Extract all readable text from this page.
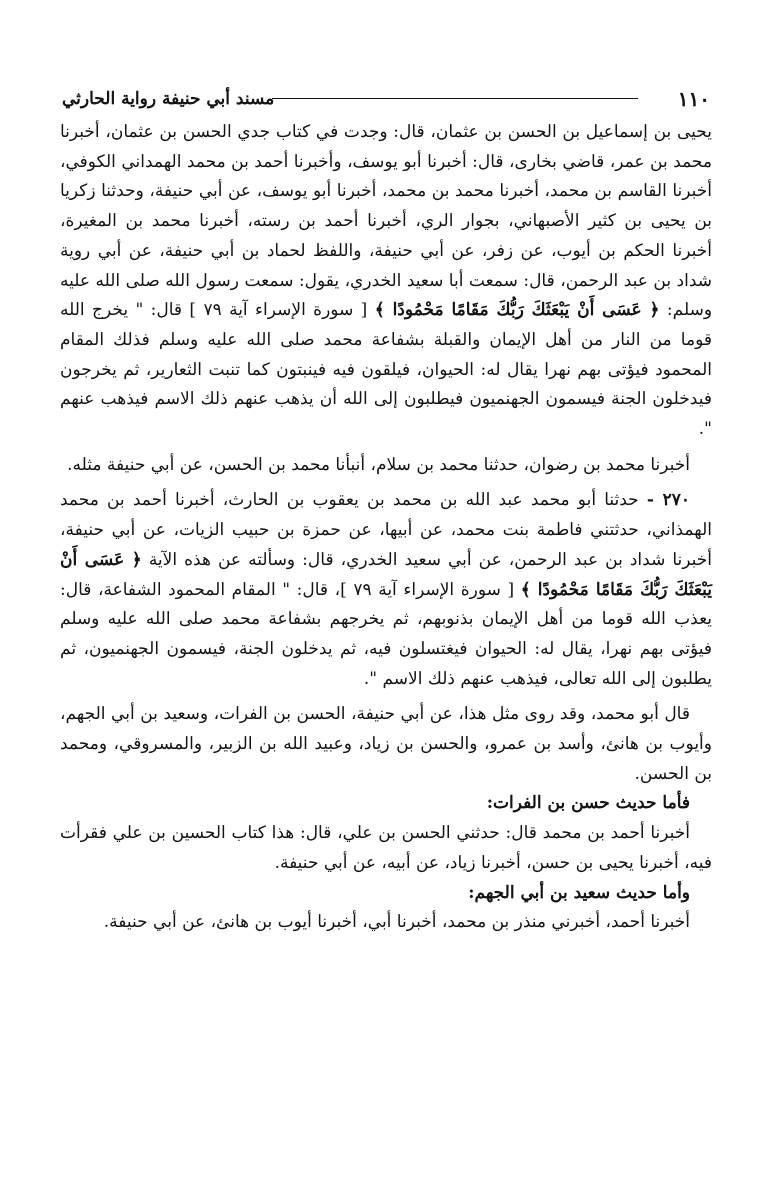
١١٠
مسند أبي حنيفة رواية الحارثي

يحيى بن إسماعيل بن الحسن بن عثمان، قال: وجدت في كتاب جدي الحسن بن عثمان، أخبرنا محمد بن عمر، قاضي بخارى، قال: أخبرنا أبو يوسف، وأخبرنا أحمد بن محمد الهمداني الكوفي، أخبرنا القاسم بن محمد، أخبرنا محمد بن محمد، أخبرنا أبو يوسف، عن أبي حنيفة، وحدثنا زكريا بن يحيى بن كثير الأصبهاني، بجوار الري، أخبرنا أحمد بن رسته، أخبرنا محمد بن المغيرة، أخبرنا الحكم بن أيوب، عن زفر، عن أبي حنيفة، واللفظ لحماد بن أبي حنيفة، عن أبي روية شداد بن عبد الرحمن، قال: سمعت أبا سعيد الخدري، يقول: سمعت رسول الله صلى الله عليه وسلم: ﴿ عَسَى أَنْ يَبْعَثَكَ رَبُّكَ مَقَامًا مَحْمُودًا ﴾ [ سورة الإسراء آية ٧٩ ] قال: " يخرج الله قوما من النار من أهل الإيمان والقبلة بشفاعة محمد صلى الله عليه وسلم فذلك المقام المحمود فيؤتى بهم نهرا يقال له: الحيوان، فيلقون فيه فينبتون كما تنبت الثعارير، ثم يخرجون فيدخلون الجنة فيسمون الجهنميون فيطلبون إلى الله أن يذهب عنهم ذلك الاسم فيذهب عنهم ".

أخبرنا محمد بن رضوان، حدثنا محمد بن سلام، أنبأنا محمد بن الحسن، عن أبي حنيفة مثله.

٢٧٠ - حدثنا أبو محمد عبد الله بن محمد بن يعقوب بن الحارث، أخبرنا أحمد بن محمد الهمذاني، حدثتني فاطمة بنت محمد، عن أبيها، عن حمزة بن حبيب الزيات، عن أبي حنيفة، أخبرنا شداد بن عبد الرحمن، عن أبي سعيد الخدري، قال: وسألته عن هذه الآية ﴿ عَسَى أَنْ يَبْعَثَكَ رَبُّكَ مَقَامًا مَحْمُودًا ﴾ [ سورة الإسراء آية ٧٩ ]، قال: " المقام المحمود الشفاعة، قال: يعذب الله قوما من أهل الإيمان بذنوبهم، ثم يخرجهم بشفاعة محمد صلى الله عليه وسلم فيؤتى بهم نهرا، يقال له: الحيوان فيغتسلون فيه، ثم يدخلون الجنة، فيسمون الجهنميون، ثم يطلبون إلى الله تعالى، فيذهب عنهم ذلك الاسم ".

قال أبو محمد، وقد روى مثل هذا، عن أبي حنيفة، الحسن بن الفرات، وسعيد بن أبي الجهم، وأيوب بن هانئ، وأسد بن عمرو، والحسن بن زياد، وعبيد الله بن الزبير، والمسروقي، ومحمد بن الحسن.

فأما حديث حسن بن الفرات:

أخبرنا أحمد بن محمد قال: حدثني الحسن بن علي، قال: هذا كتاب الحسين بن علي فقرأت فيه، أخبرنا يحيى بن حسن، أخبرنا زياد، عن أبيه، عن أبي حنيفة.

وأما حديث سعيد بن أبي الجهم:

أخبرنا أحمد، أخبرني منذر بن محمد، أخبرنا أبي، أخبرنا أيوب بن هانئ، عن أبي حنيفة.
